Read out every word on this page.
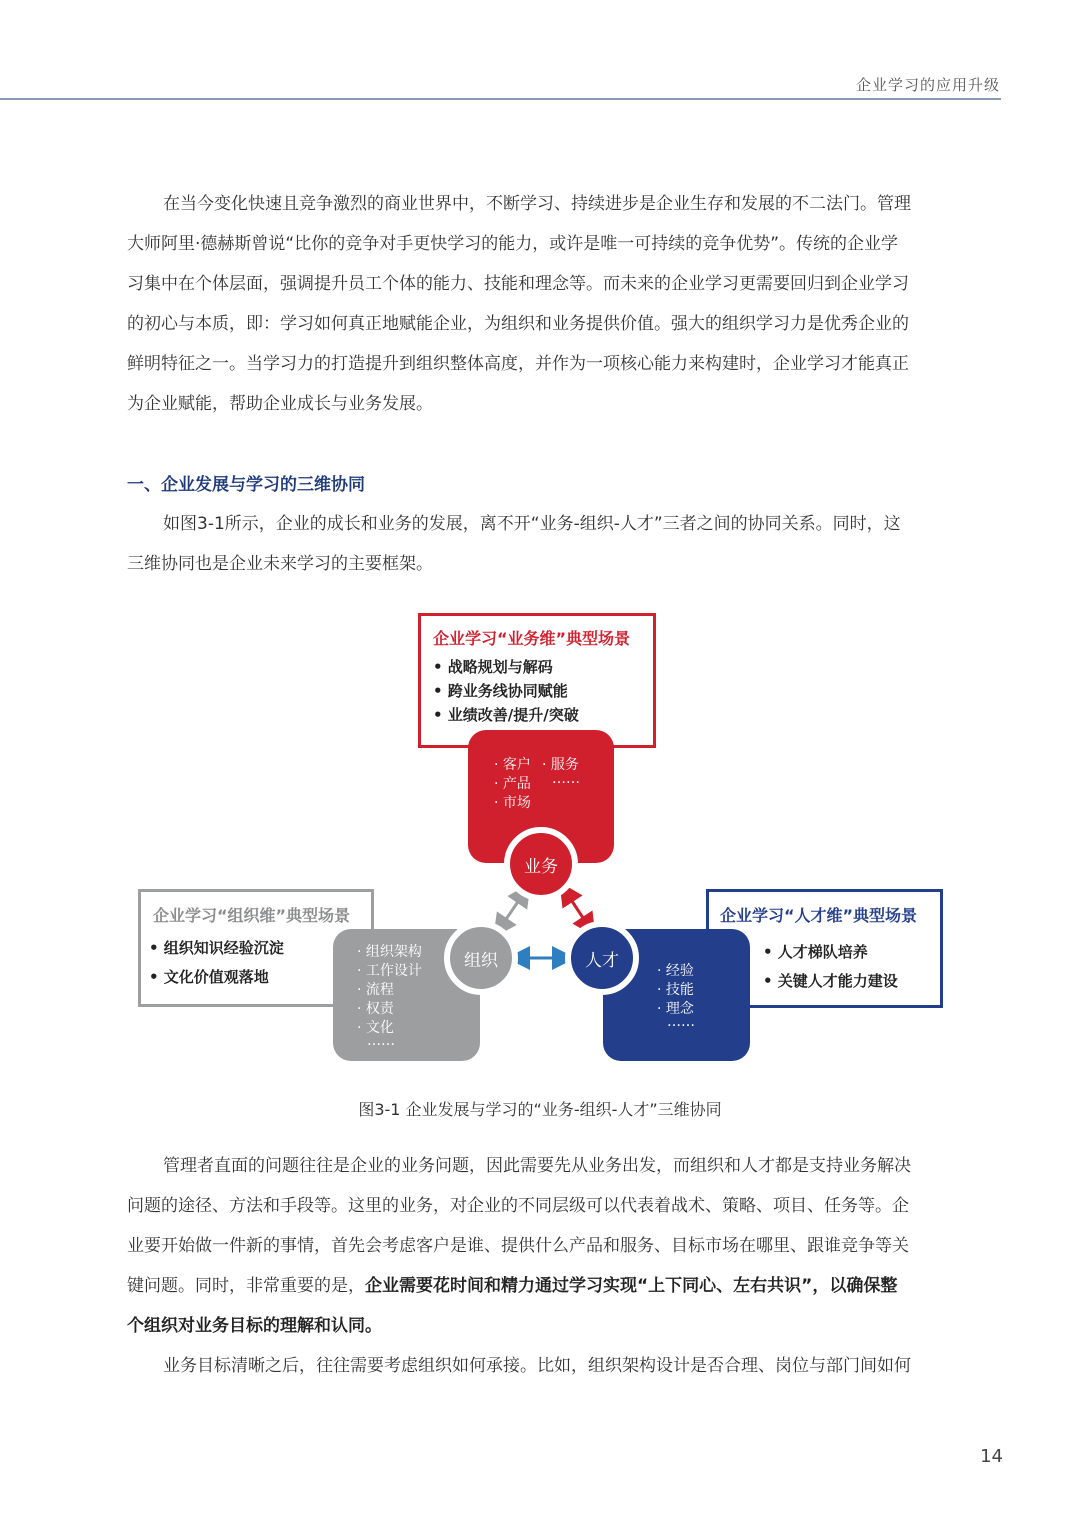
企业学习的应用升级
在当今变化快速且竞争激烈的商业世界中，不断学习、持续进步是企业生存和发展的不二法门。管理
大师阿里·德赫斯曾说“比你的竞争对手更快学习的能力，或许是唯一可持续的竞争优势”。传统的企业学
习集中在个体层面，强调提升员工个体的能力、技能和理念等。而未来的企业学习更需要回归到企业学习
的初心与本质，即：学习如何真正地赋能企业，为组织和业务提供价值。强大的组织学习力是优秀企业的
鲜明特征之一。当学习力的打造提升到组织整体高度，并作为一项核心能力来构建时，企业学习才能真正
为企业赋能，帮助企业成长与业务发展。
一、企业发展与学习的三维协同
如图3-1所示，企业的成长和业务的发展，离不开“业务-组织-人才”三者之间的协同关系。同时，这
三维协同也是企业未来学习的主要框架。
企业学习“业务维”典型场景
• 战略规划与解码
• 跨业务线协同赋能
• 业绩改善/提升/突破
· 客户 · 服务
· 产品 ……
· 市场
企业学习“组织维”典型场景
• 组织知识经验沉淀
• 文化价值观落地
· 组织架构
· 工作设计
· 流程
· 权责
· 文化
……
企业学习“人才维”典型场景
• 人才梯队培养
• 关键人才能力建设
· 经验
· 技能
· 理念
……
业务
组织	人才
图3-1 企业发展与学习的“业务-组织-人才”三维协同
管理者直面的问题往往是企业的业务问题，因此需要先从业务出发，而组织和人才都是支持业务解决
问题的途径、方法和手段等。这里的业务，对企业的不同层级可以代表着战术、策略、项目、任务等。企
业要开始做一件新的事情，首先会考虑客户是谁、提供什么产品和服务、目标市场在哪里、跟谁竞争等关
键问题。同时，非常重要的是，企业需要花时间和精力通过学习实现“上下同心、左右共识”，以确保整
个组织对业务目标的理解和认同。
业务目标清晰之后，往往需要考虑组织如何承接。比如，组织架构设计是否合理、岗位与部门间如何
14
